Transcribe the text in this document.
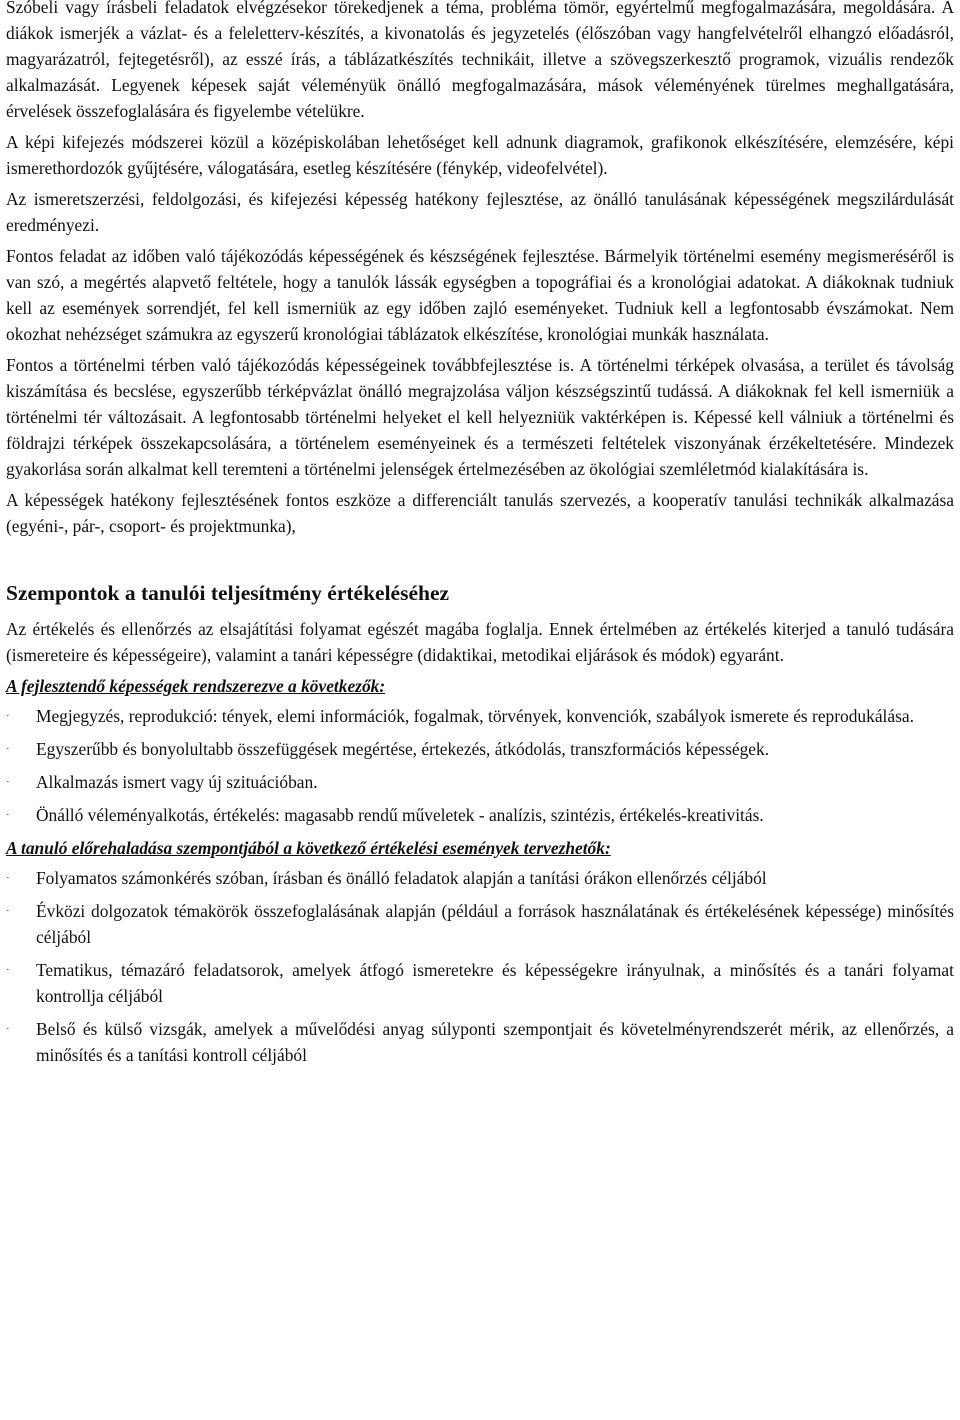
Szóbeli vagy írásbeli feladatok elvégzésekor törekedjenek a téma, probléma tömör, egyértelmű megfogalmazására, megoldására. A diákok ismerjék a vázlat- és a feleletterv-készítés, a kivonatolás és jegyzetelés (élőszóban vagy hangfelvételről elhangzó előadásról, magyarázatról, fejtegetésről), az esszé írás, a táblázatkészítés technikáit, illetve a szövegszerkesztő programok, vizuális rendezők alkalmazását. Legyenek képesek saját véleményük önálló megfogalmazására, mások véleményének türelmes meghallgatására, érvelések összefoglalására és figyelembe vételükre.

A képi kifejezés módszerei közül a középiskolában lehetőséget kell adnunk diagramok, grafikonok elkészítésére, elemzésére, képi ismerethordozók gyűjtésére, válogatására, esetleg készítésére (fénykép, videofelvétel).

Az ismeretszerzési, feldolgozási, és kifejezési képesség hatékony fejlesztése, az önálló tanulásának képességének megszilárdulását eredményezi.

Fontos feladat az időben való tájékozódás képességének és készségének fejlesztése. Bármelyik történelmi esemény megismeréséről is van szó, a megértés alapvető feltétele, hogy a tanulók lássák egységben a topográfiai és a kronológiai adatokat. A diákoknak tudniuk kell az események sorrendjét, fel kell ismerniük az egy időben zajló eseményeket. Tudniuk kell a legfontosabb évszámokat. Nem okozhat nehézséget számukra az egyszerű kronológiai táblázatok elkészítése, kronológiai munkák használata.

Fontos a történelmi térben való tájékozódás képességeinek továbbfejlesztése is. A történelmi térképek olvasása, a terület és távolság kiszámítása és becslése, egyszerűbb térképvázlat önálló megrajzolása váljon készségszintű tudássá. A diákoknak fel kell ismerniük a történelmi tér változásait. A legfontosabb történelmi helyeket el kell helyezniük vaktérképen is. Képessé kell válniuk a történelmi és földrajzi térképek összekapcsolására, a történelem eseményeinek és a természeti feltételek viszonyának érzékeltetésére. Mindezek gyakorlása során alkalmat kell teremteni a történelmi jelenségek értelmezésében az ökológiai szemléletmód kialakítására is.

A képességek hatékony fejlesztésének fontos eszköze a differenciált tanulás szervezés, a kooperatív tanulási technikák alkalmazása (egyéni-, pár-, csoport- és projektmunka),

Szempontok a tanulói teljesítmény értékeléséhez

Az értékelés és ellenőrzés az elsajátítási folyamat egészét magába foglalja. Ennek értelmében az értékelés kiterjed a tanuló tudására (ismereteire és képességeire), valamint a tanári képességre (didaktikai, metodikai eljárások és módok) egyaránt.

A fejlesztendő képességek rendszerezve a következők:

· Megjegyzés, reprodukció: tények, elemi információk, fogalmak, törvények, konvenciók, szabályok ismerete és reprodukálása.
· Egyszerűbb és bonyolultabb összefüggések megértése, értekezés, átkódolás, transzformációs képességek.
· Alkalmazás ismert vagy új szituációban.
· Önálló véleményalkotás, értékelés: magasabb rendű műveletek - analízis, szintézis, értékelés-kreativitás.

A tanuló előrehaladása szempontjából a következő értékelési események tervezhetők:

· Folyamatos számonkérés szóban, írásban és önálló feladatok alapján a tanítási órákon ellenőrzés céljából
· Évközi dolgozatok témakörök összefoglalásának alapján (például a források használatának és értékelésének képessége) minősítés céljából
· Tematikus, témazáró feladatsorok, amelyek átfogó ismeretekre és képességekre irányulnak, a minősítés és a tanári folyamat kontrollja céljából
· Belső és külső vizsgák, amelyek a művelődési anyag súlyponti szempontjait és követelményrendszerét mérik, az ellenőrzés, a minősítés és a tanítási kontroll céljából
